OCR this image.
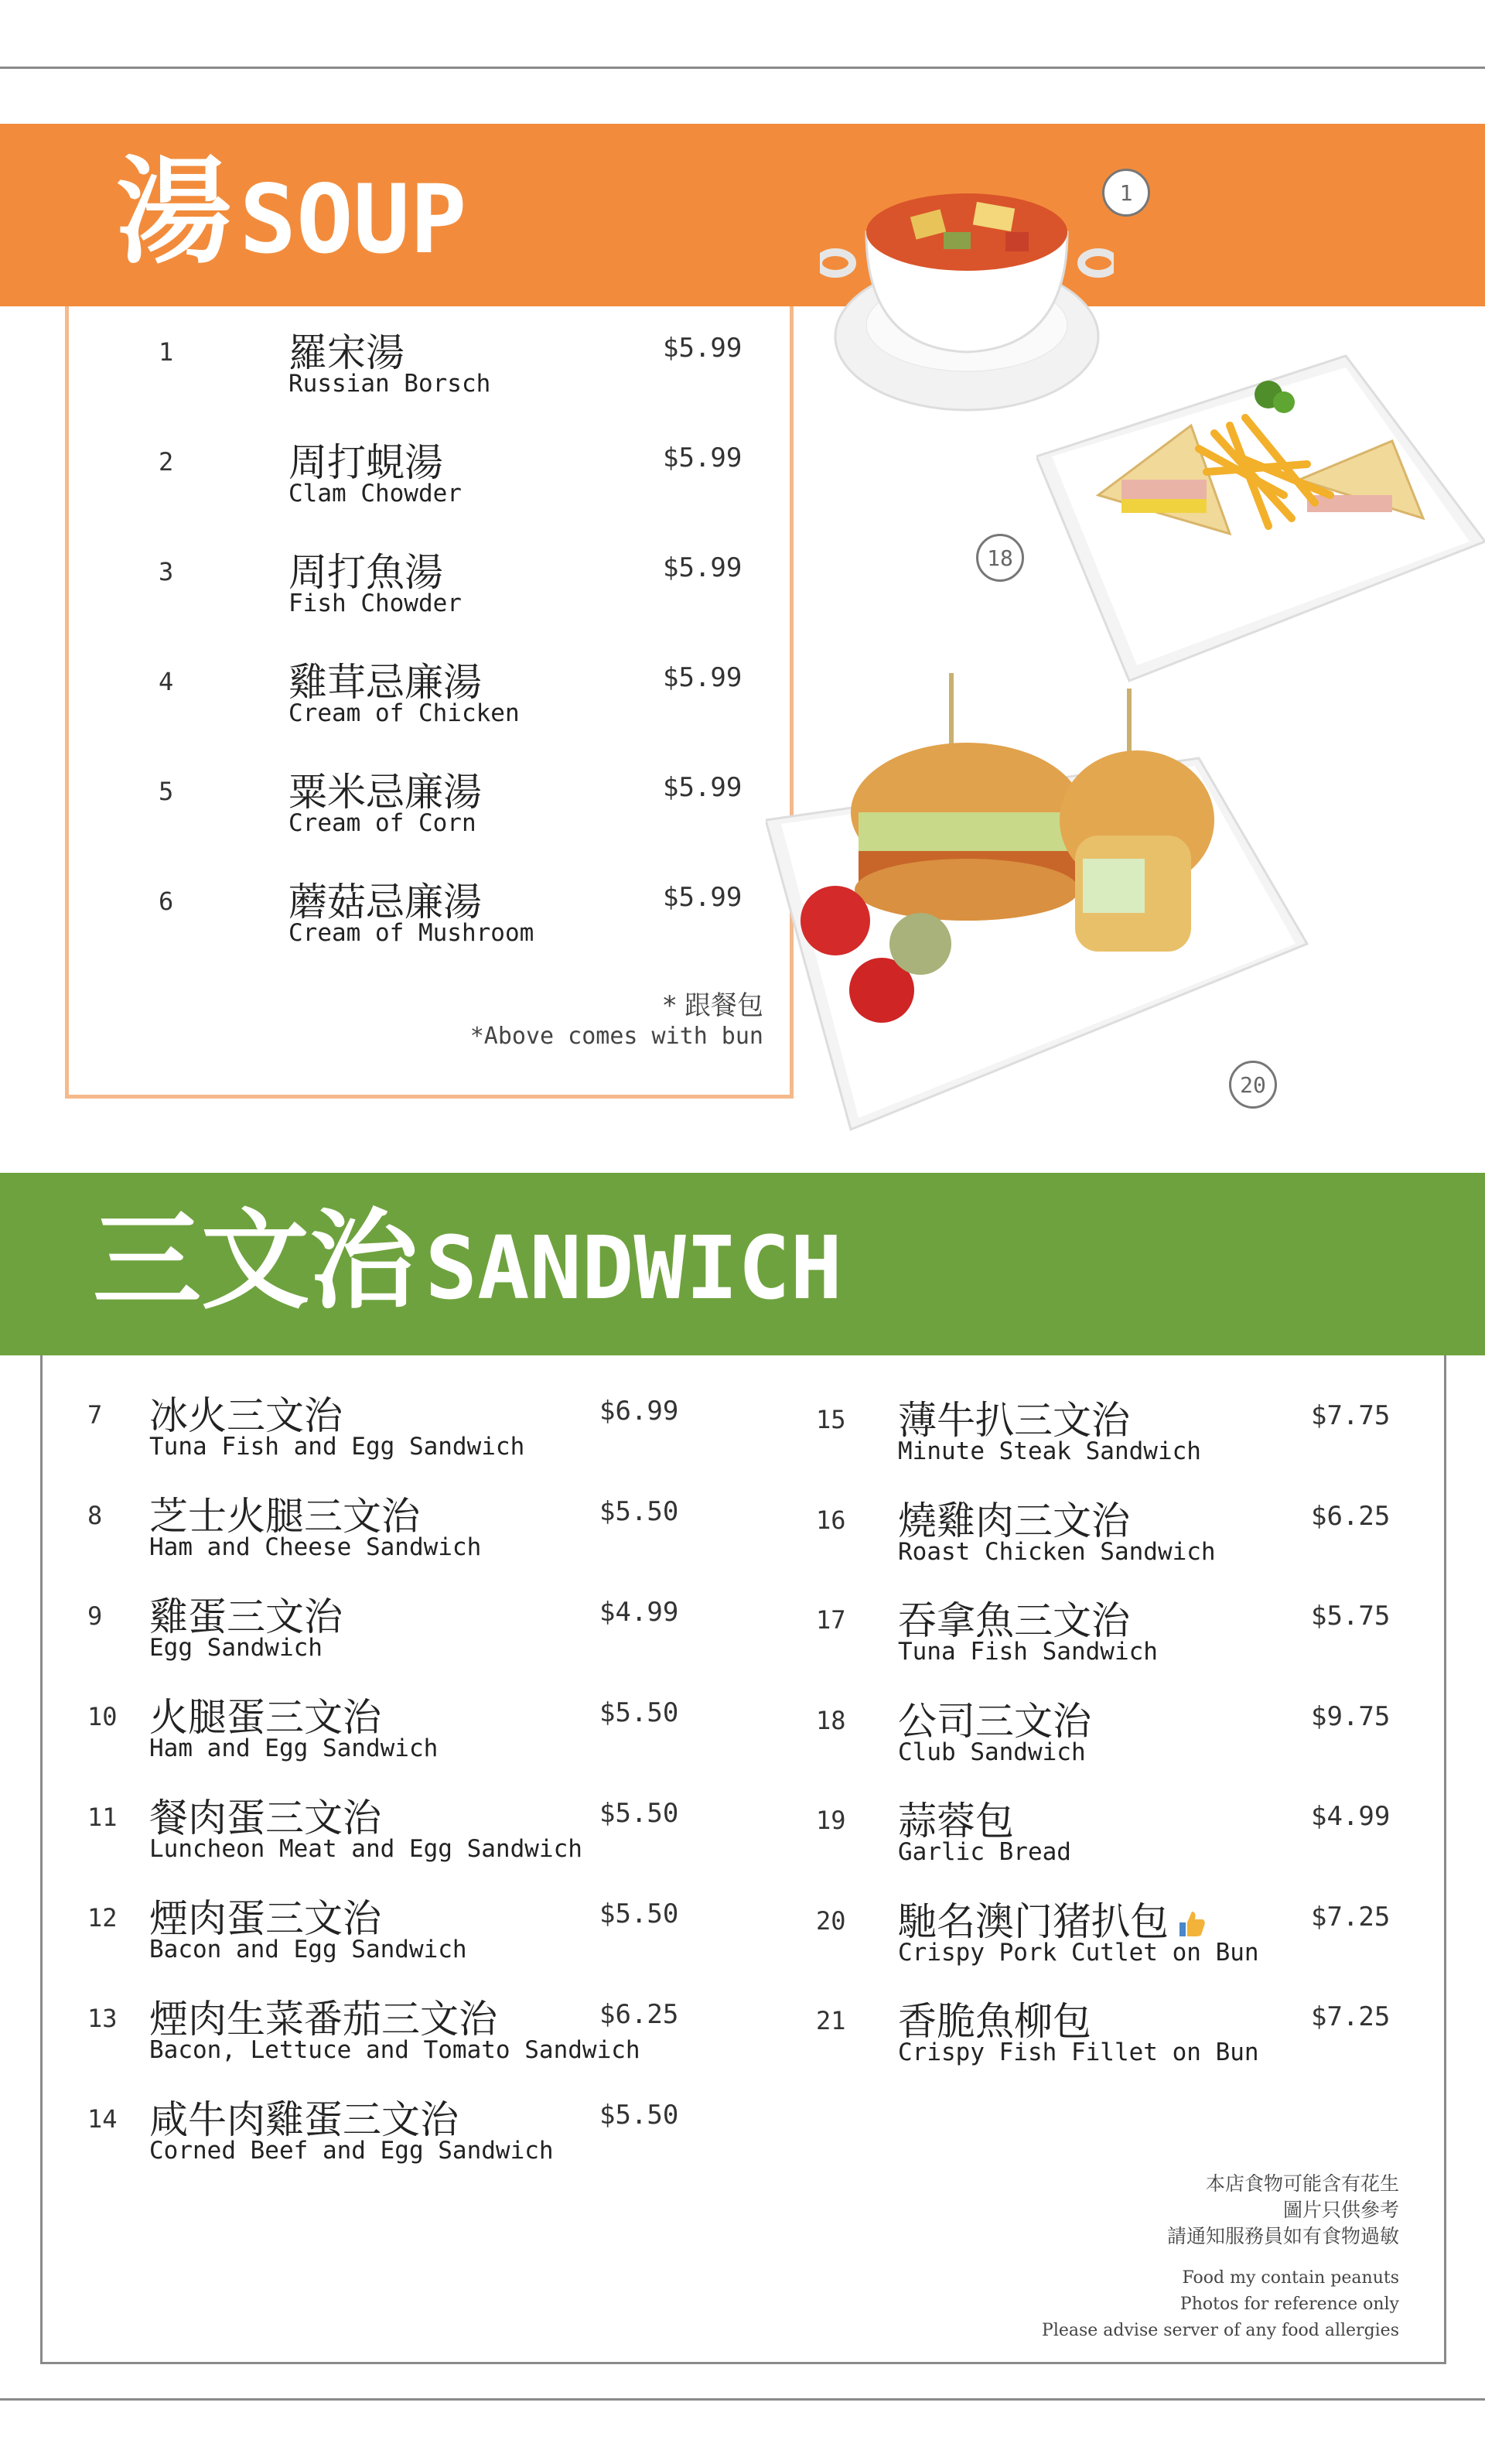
湯 SOUP
1	羅宋湯
Russian Borsch
$5.99
2	周打蜆湯
Clam Chowder
$5.99
3	周打魚湯
Fish Chowder
$5.99
4	雞茸忌廉湯
Cream of Chicken
$5.99
5	粟米忌廉湯
Cream of Corn
$5.99
6	蘑菇忌廉湯
Cream of Mushroom
$5.99
* 跟餐包
*Above comes with bun
1
18
20
三文治 SANDWICH
7 冰火三文治
Tuna Fish and Egg Sandwich
$6.99
8 芝士火腿三文治
Ham and Cheese Sandwich
$5.50
9 雞蛋三文治
Egg Sandwich
$4.99
10 火腿蛋三文治
Ham and Egg Sandwich
$5.50
11 餐肉蛋三文治
Luncheon Meat and Egg Sandwich
$5.50
12 煙肉蛋三文治
Bacon and Egg Sandwich
$5.50
13 煙肉生菜番茄三文治
Bacon, Lettuce and Tomato Sandwich
$6.25
14 咸牛肉雞蛋三文治
Corned Beef and Egg Sandwich
$5.50
15 薄牛扒三文治
Minute Steak Sandwich
$7.75
16 燒雞肉三文治
Roast Chicken Sandwich
$6.25
17 吞拿魚三文治
Tuna Fish Sandwich
$5.75
18 公司三文治
Club Sandwich
$9.75
19 蒜蓉包
Garlic Bread
$4.99
20 馳名澳门猪扒包
Crispy Pork Cutlet on Bun
$7.25
21 香脆魚柳包
Crispy Fish Fillet on Bun
$7.25
本店食物可能含有花生
圖片只供參考
請通知服務員如有食物過敏
Food my contain peanuts
Photos for reference only
Please advise server of any food allergies
